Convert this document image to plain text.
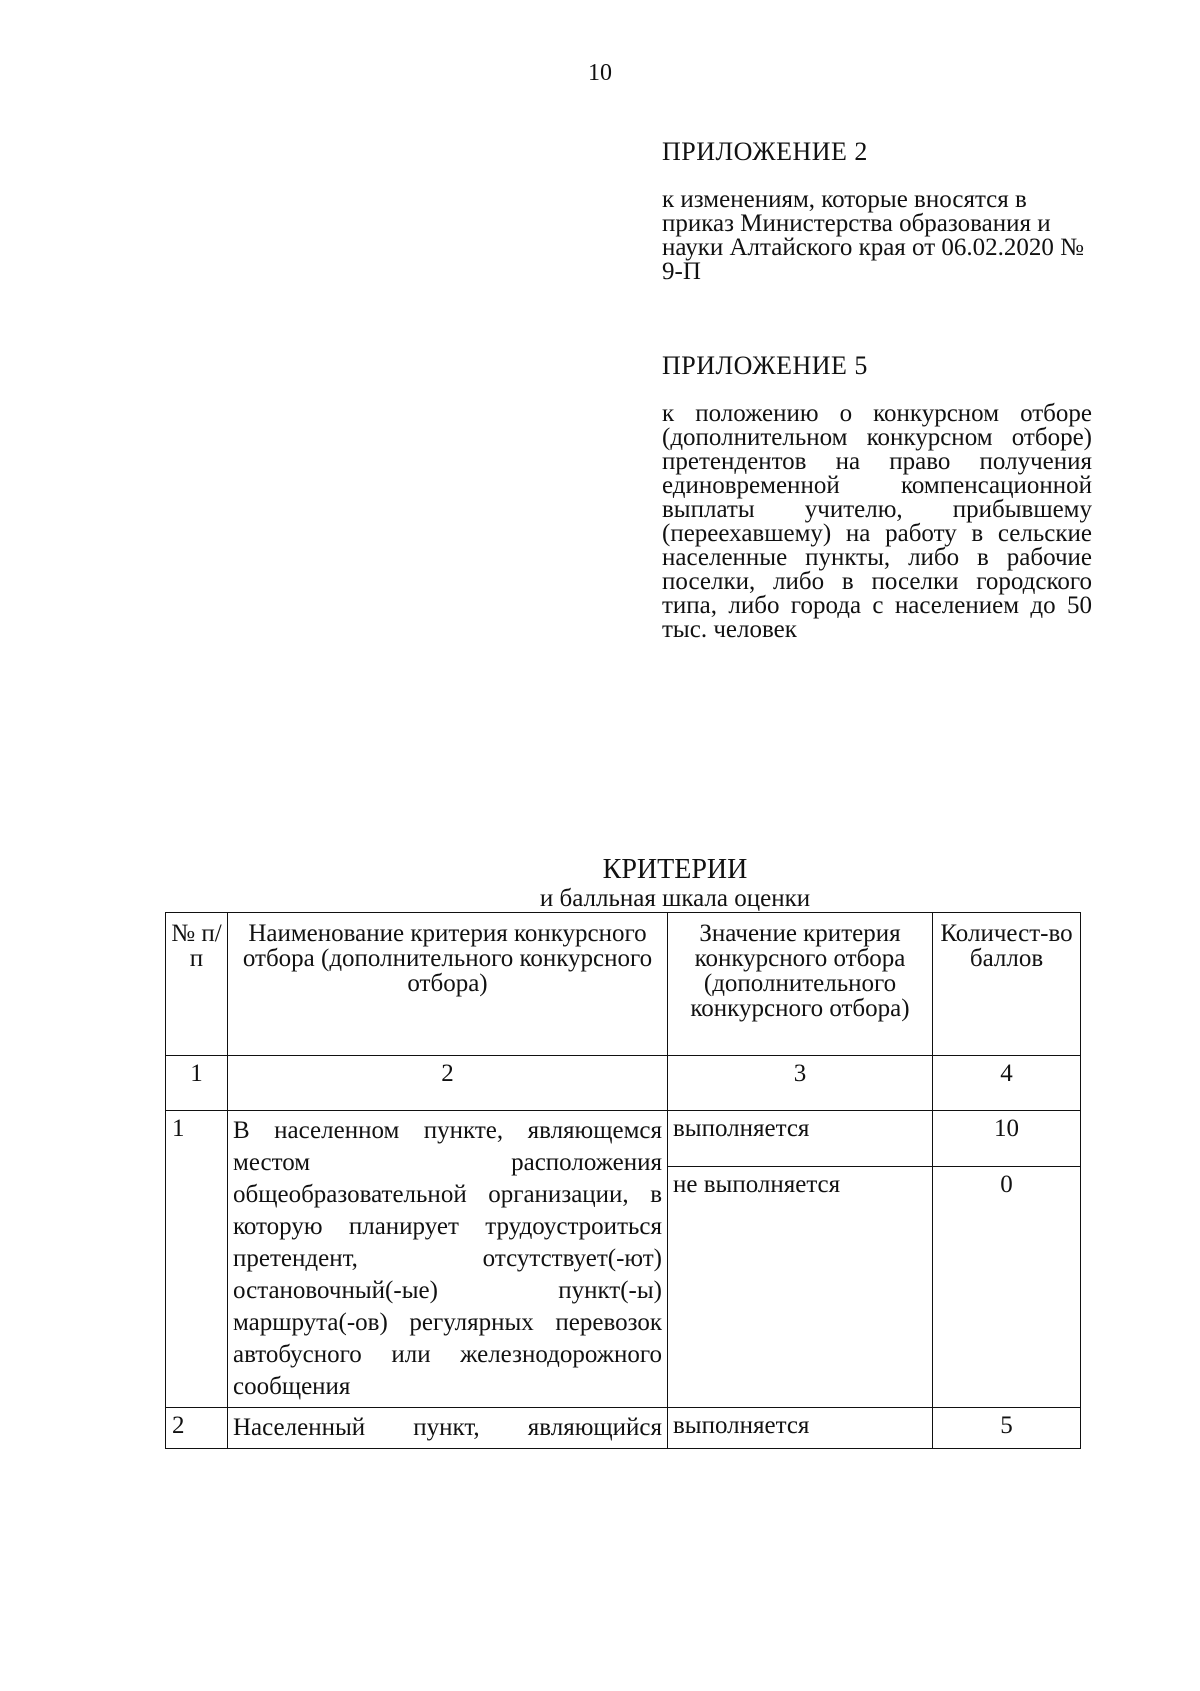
10
ПРИЛОЖЕНИЕ 2
к изменениям, которые вносятся в приказ Министерства образования и науки Алтайского края от 06.02.2020 № 9-П
ПРИЛОЖЕНИЕ 5
к положению о конкурсном отборе (дополнительном конкурсном отборе) претендентов на право получения единовременной компенсационной выплаты учителю, прибывшему (переехавшему) на работу в сельские населенные пункты, либо в рабочие поселки, либо в поселки городского типа, либо города с населением до 50 тыс. человек
КРИТЕРИИ
и балльная шкала оценки
№ п/п	Наименование критерия конкурсного отбора (дополнительного конкурсного отбора)	Значение критерия конкурсного отбора (дополнительного конкурсного отбора)	Количест-во баллов
1	2	3	4
1	В населенном пункте, являющемся местом расположения общеобразовательной организации, в которую планирует трудоустроиться претендент, отсутствует(-ют) остановочный(-ые) пункт(-ы) маршрута(-ов) регулярных перевозок автобусного или железнодорожного сообщения	выполняется	10
		не выполняется	0
2	Населенный пункт, являющийся	выполняется	5
